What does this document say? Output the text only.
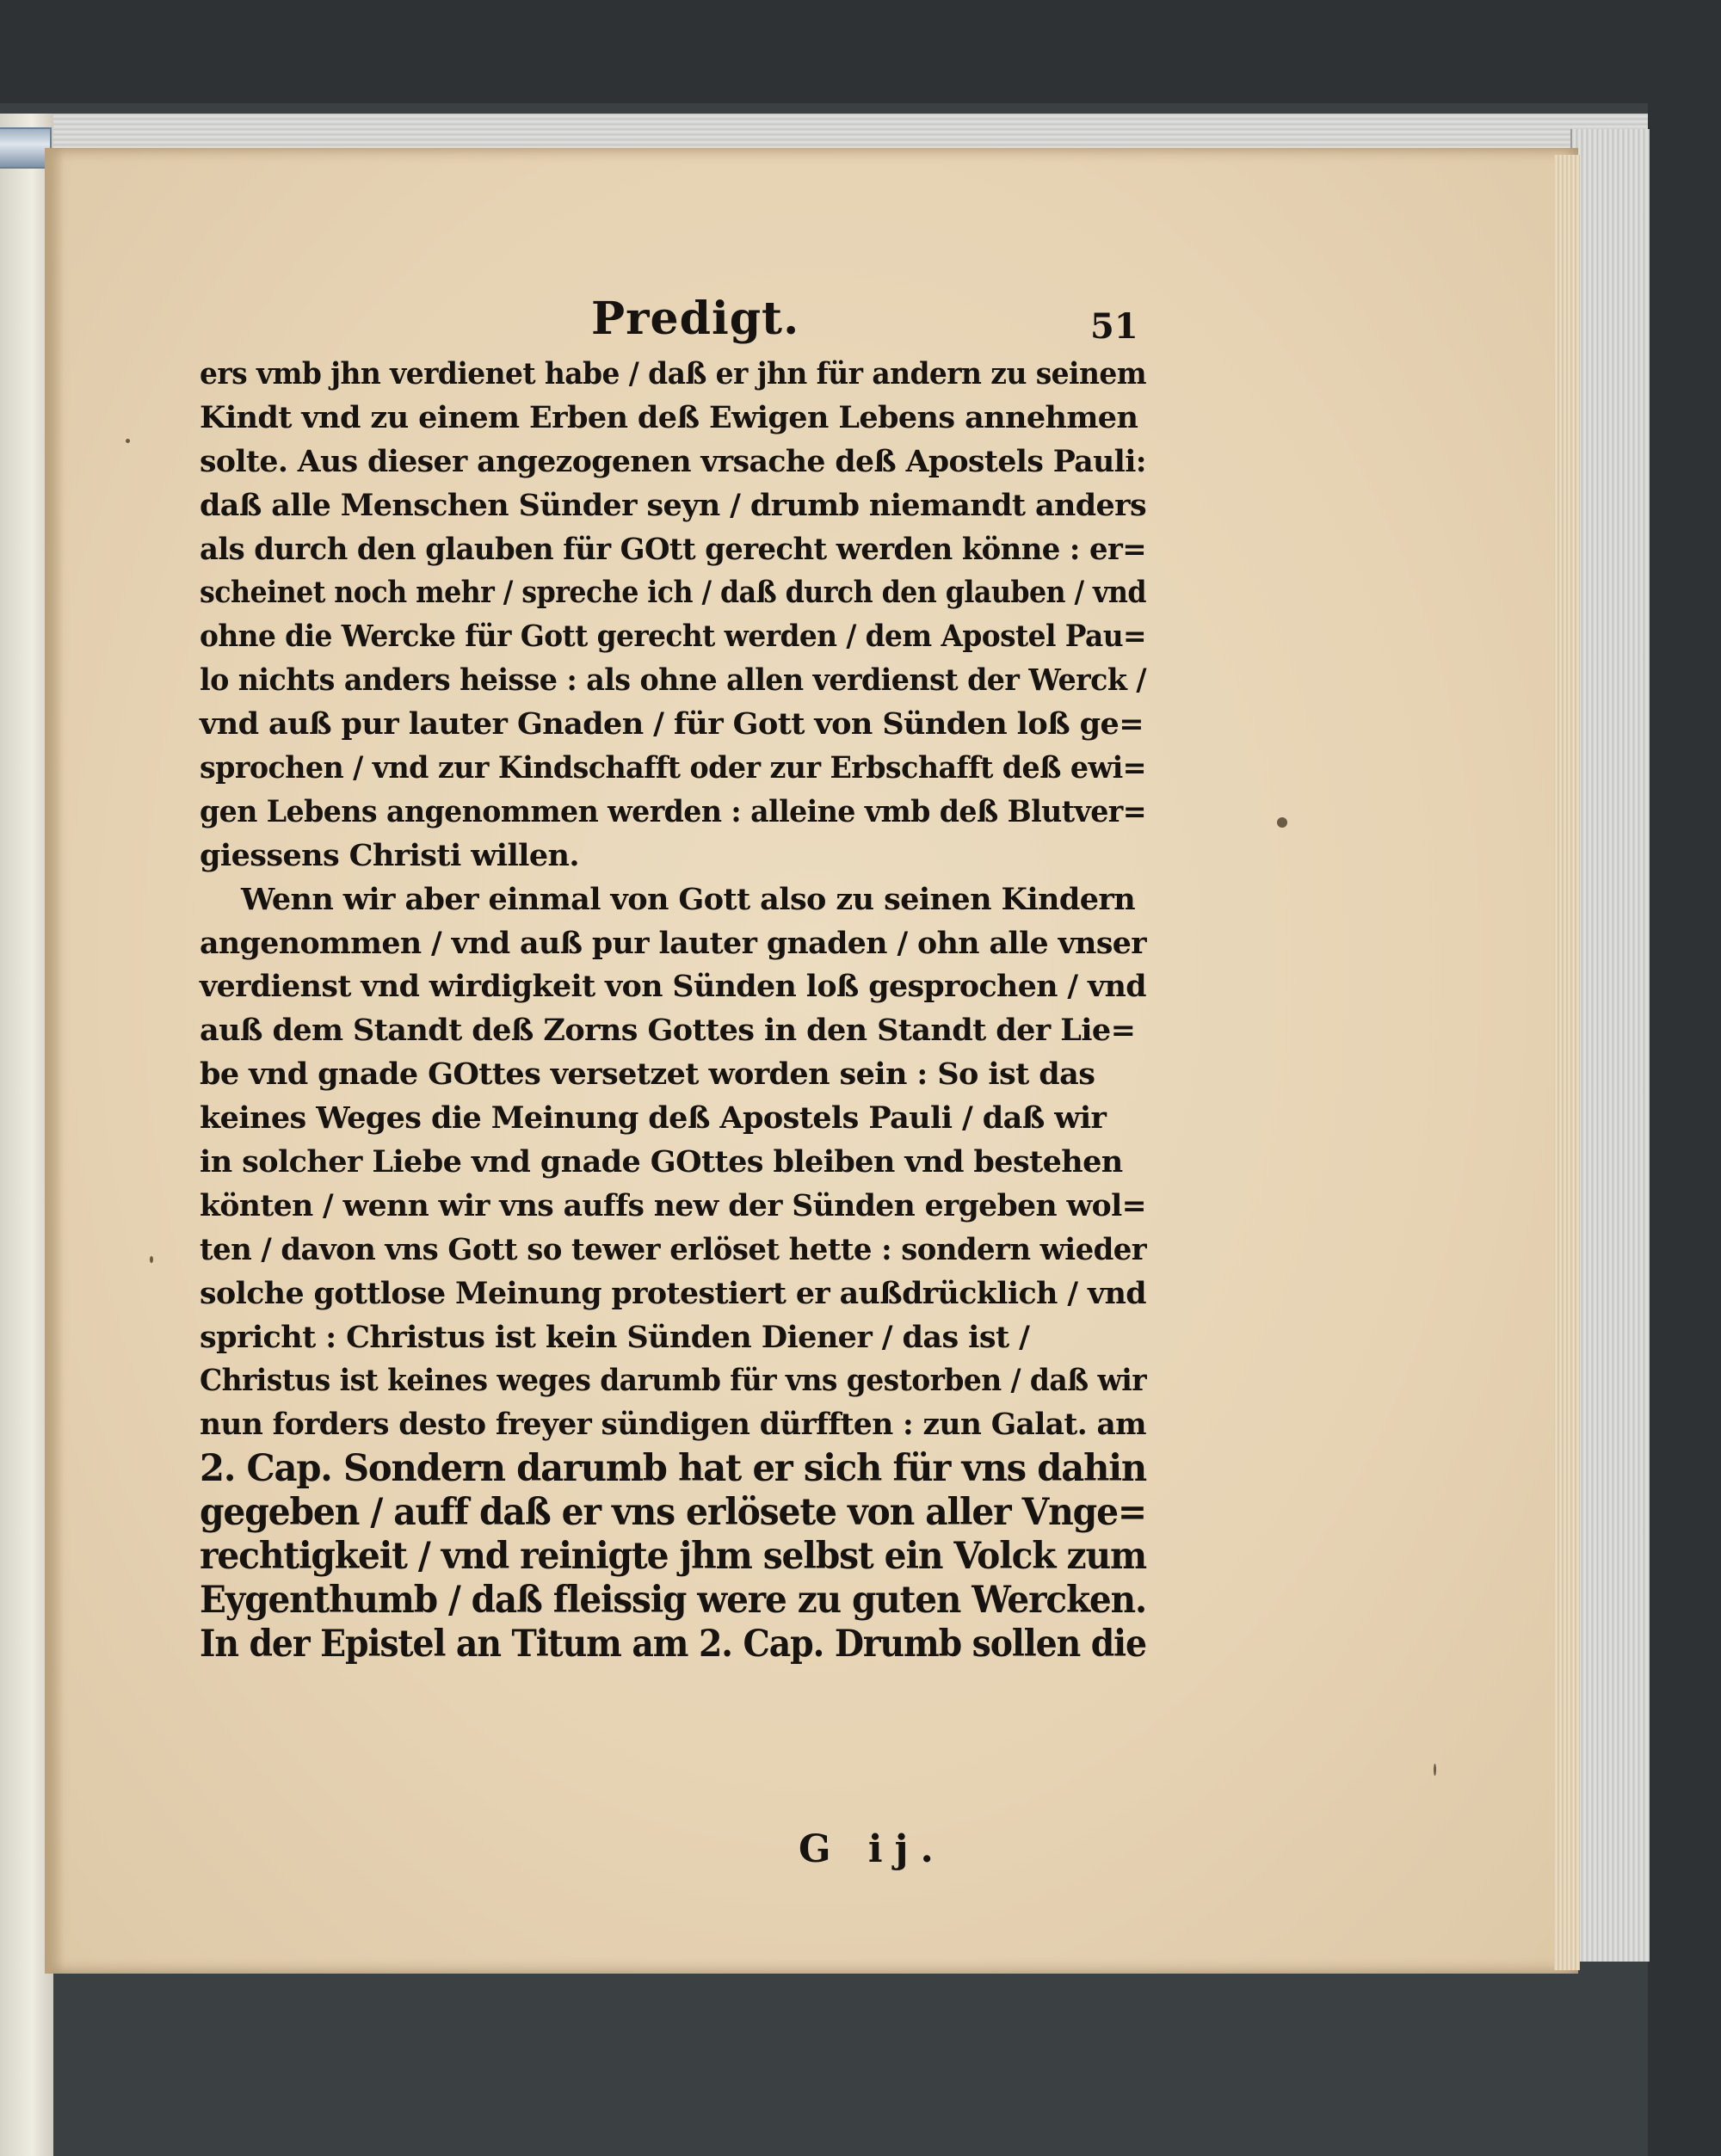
Predigt.	51
ers vmb jhn verdienet habe / daß er jhn für andern zu seinem
Kindt vnd zu einem Erben deß Ewigen Lebens annehmen
solte. Aus dieser angezogenen vrsache deß Apostels Pauli:
daß alle Menschen Sünder seyn / drumb niemandt anders
als durch den glauben für GOtt gerecht werden könne : er=
scheinet noch mehr / spreche ich / daß durch den glauben / vnd
ohne die Wercke für Gott gerecht werden / dem Apostel Pau=
lo nichts anders heisse : als ohne allen verdienst der Werck /
vnd auß pur lauter Gnaden / für Gott von Sünden loß ge=
sprochen / vnd zur Kindschafft oder zur Erbschafft deß ewi=
gen Lebens angenommen werden : alleine vmb deß Blutver=
giessens Christi willen.
Wenn wir aber einmal von Gott also zu seinen Kindern
angenommen / vnd auß pur lauter gnaden / ohn alle vnser
verdienst vnd wirdigkeit von Sünden loß gesprochen / vnd
auß dem Standt deß Zorns Gottes in den Standt der Lie=
be vnd gnade GOttes versetzet worden sein : So ist das
keines Weges die Meinung deß Apostels Pauli / daß wir
in solcher Liebe vnd gnade GOttes bleiben vnd bestehen
könten / wenn wir vns auffs new der Sünden ergeben wol=
ten / davon vns Gott so tewer erlöset hette : sondern wieder
solche gottlose Meinung protestiert er außdrücklich / vnd
spricht : Christus ist kein Sünden Diener / das ist /
Christus ist keines weges darumb für vns gestorben / daß wir
nun forders desto freyer sündigen dürfften : zun Galat. am
2. Cap. Sondern darumb hat er sich für vns dahin
gegeben / auff daß er vns erlösete von aller Vnge=
rechtigkeit / vnd reinigte jhm selbst ein Volck zum
Eygenthumb / daß fleissig were zu guten Wercken.
In der Epistel an Titum am 2. Cap. Drumb sollen die
G ij.
